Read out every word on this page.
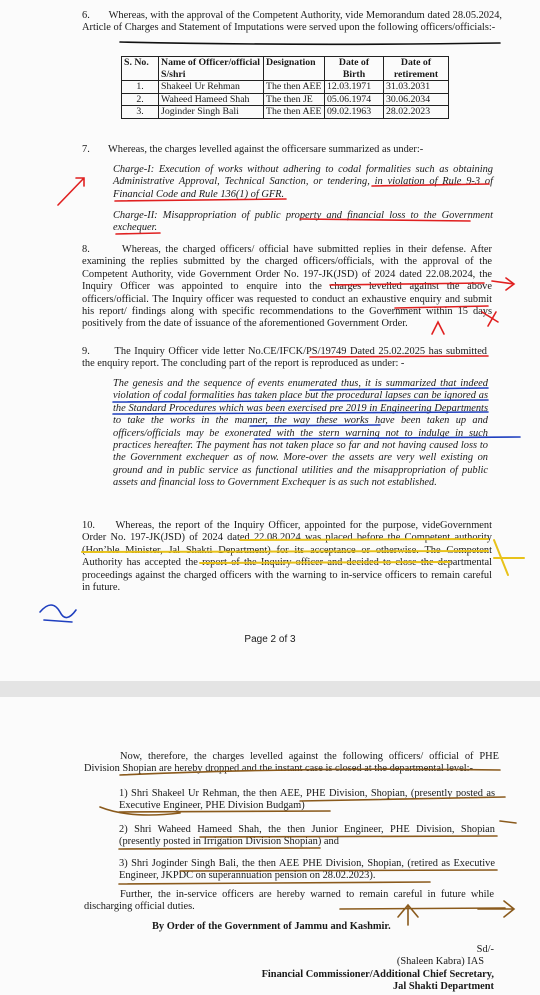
6.       Whereas, with the approval of the Competent Authority, vide Memorandum dated 28.05.2024, Article of Charges and Statement of Imputations were served upon the following officers/officials:-

S. No.	Name of Officer/official S/shri	Designation	Date of Birth	Date of retirement
1.	Shakeel Ur Rehman	The then AEE	12.03.1971	31.03.2031
2.	Waheed Hameed Shah	The then JE	05.06.1974	30.06.2034
3.	Joginder Singh Bali	The then AEE	09.02.1963	28.02.2023

7.       Whereas, the charges levelled against the officersare summarized as under:-

Charge-I: Execution of works without adhering to codal formalities such as obtaining Administrative Approval, Technical Sanction, or tendering, in violation of Rule 9-3 of Financial Code and Rule 136(1) of GFR.

Charge-II: Misappropriation of public property and financial loss to the Government exchequer.

8.       Whereas, the charged officers/ official have submitted replies in their defense. After examining the replies submitted by the charged officers/officials, with the approval of the Competent Authority, vide Government Order No. 197-JK(JSD) of 2024 dated 22.08.2024, the Inquiry Officer was appointed to enquire into the charges levelled against the above officers/official. The Inquiry officer was requested to conduct an exhaustive enquiry and submit his report/ findings along with specific recommendations to the Government within 15 days positively from the date of issuance of the aforementioned Government Order.

9.       The Inquiry Officer vide letter No.CE/IFCK/PS/19749 Dated 25.02.2025 has submitted the enquiry report. The concluding part of the report is reproduced as under: -

The genesis and the sequence of events enumerated thus, it is summarized that indeed violation of codal formalities has taken place but the procedural lapses can be ignored as the Standard Procedures which was been exercised pre 2019 in Engineering Departments to take the works in the manner, the way these works have been taken up and officers/officials may be exonerated with the stern warning not to indulge in such practices hereafter. The payment has not taken place so far and not having caused loss to the Government exchequer as of now. More-over the assets are very well existing on ground and in public service as functional utilities and the misappropriation of public assets and financial loss to Government Exchequer is as such not established.

10.     Whereas, the report of the Inquiry Officer, appointed for the purpose, videGovernment Order No. 197-JK(JSD) of 2024 dated 22.08.2024 was placed before the Competent authority (Hon’ble Minister, Jal Shakti Department) for its acceptance or otherwise. The Competent Authority has accepted the report of the Inquiry officer and decided to close the departmental proceedings against the charged officers with the warning to in-service officers to remain careful in future.

Page 2 of 3

Now, therefore, the charges levelled against the following officers/ official of PHE Division Shopian are hereby dropped and the instant case is closed at the departmental level:-

1) Shri Shakeel Ur Rehman, the then AEE, PHE Division, Shopian, (presently posted as Executive Engineer, PHE Division Budgam)

2) Shri Waheed Hameed Shah, the then Junior Engineer, PHE Division, Shopian (presently posted in Irrigation Division Shopian) and

3) Shri Joginder Singh Bali, the then AEE PHE Division, Shopian, (retired as Executive Engineer, JKPDC on superannuation pension on 28.02.2023).

Further, the in-service officers are hereby warned to remain careful in future while discharging official duties.

By Order of the Government of Jammu and Kashmir.
Sd/-
(Shaleen Kabra) IAS
Financial Commissioner/Additional Chief Secretary,
Jal Shakti Department
